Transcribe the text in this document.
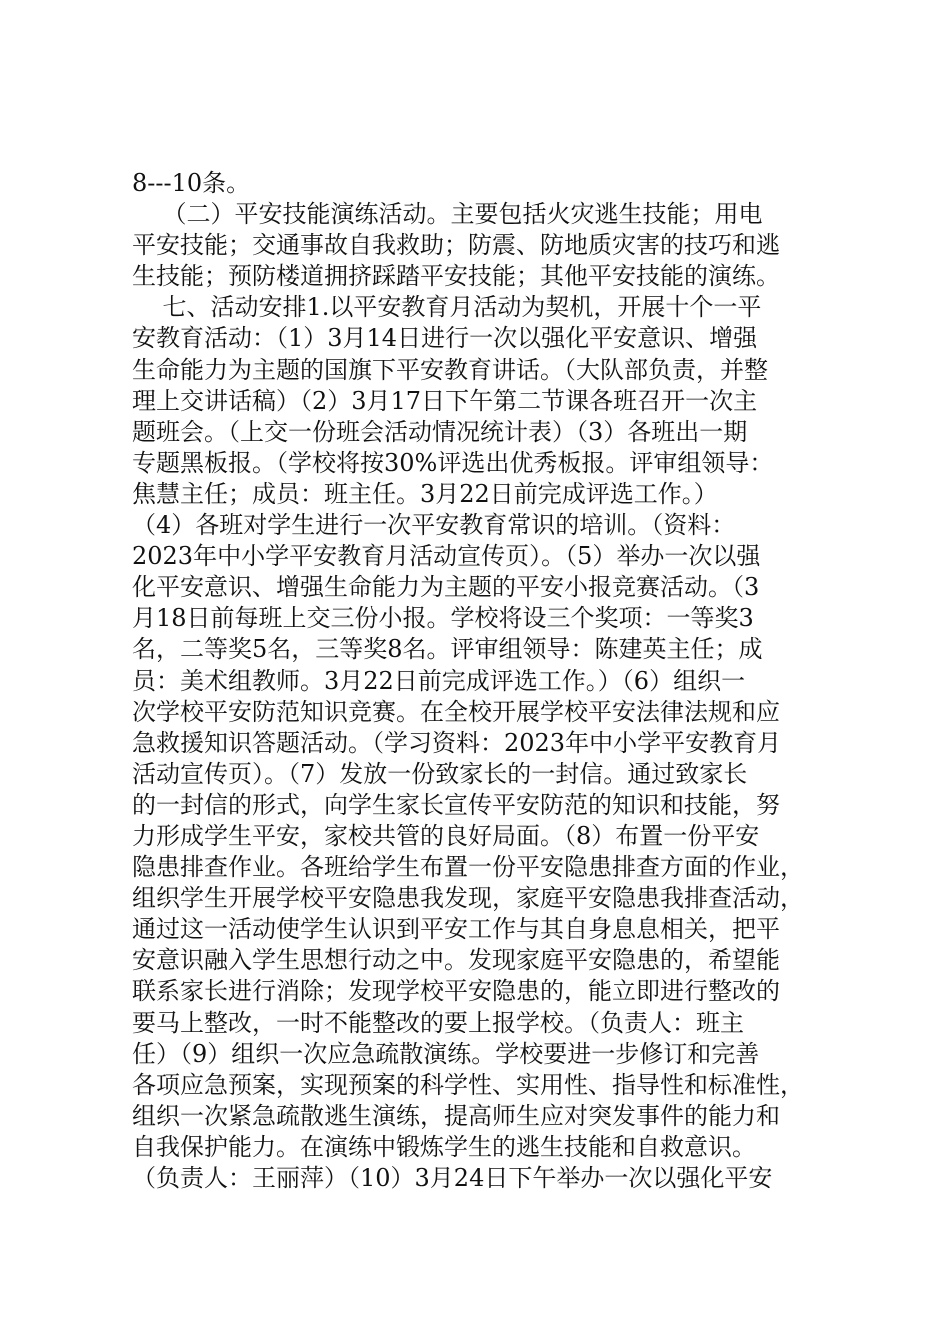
8---10条。
（二）平安技能演练活动。主要包括火灾逃生技能；用电
平安技能；交通事故自我救助；防震、防地质灾害的技巧和逃
生技能；预防楼道拥挤踩踏平安技能；其他平安技能的演练。
七、活动安排1.以平安教育月活动为契机，开展十个一平
安教育活动：（1）3月14日进行一次以强化平安意识、增强
生命能力为主题的国旗下平安教育讲话。（大队部负责，并整
理上交讲话稿）（2）3月17日下午第二节课各班召开一次主
题班会。（上交一份班会活动情况统计表）（3）各班出一期
专题黑板报。（学校将按30%评选出优秀板报。评审组领导：
焦慧主任；成员：班主任。3月22日前完成评选工作。）
（4）各班对学生进行一次平安教育常识的培训。（资料：
2023年中小学平安教育月活动宣传页）。（5）举办一次以强
化平安意识、增强生命能力为主题的平安小报竞赛活动。（3
月18日前每班上交三份小报。学校将设三个奖项：一等奖3
名，二等奖5名，三等奖8名。评审组领导：陈建英主任；成
员：美术组教师。3月22日前完成评选工作。）（6）组织一
次学校平安防范知识竞赛。在全校开展学校平安法律法规和应
急救援知识答题活动。（学习资料：2023年中小学平安教育月
活动宣传页）。（7）发放一份致家长的一封信。通过致家长
的一封信的形式，向学生家长宣传平安防范的知识和技能，努
力形成学生平安，家校共管的良好局面。（8）布置一份平安
隐患排查作业。各班给学生布置一份平安隐患排查方面的作业，
组织学生开展学校平安隐患我发现，家庭平安隐患我排查活动，
通过这一活动使学生认识到平安工作与其自身息息相关，把平
安意识融入学生思想行动之中。发现家庭平安隐患的，希望能
联系家长进行消除；发现学校平安隐患的，能立即进行整改的
要马上整改，一时不能整改的要上报学校。（负责人：班主
任）（9）组织一次应急疏散演练。学校要进一步修订和完善
各项应急预案，实现预案的科学性、实用性、指导性和标准性，
组织一次紧急疏散逃生演练，提高师生应对突发事件的能力和
自我保护能力。在演练中锻炼学生的逃生技能和自救意识。
（负责人：王丽萍）（10）3月24日下午举办一次以强化平安
